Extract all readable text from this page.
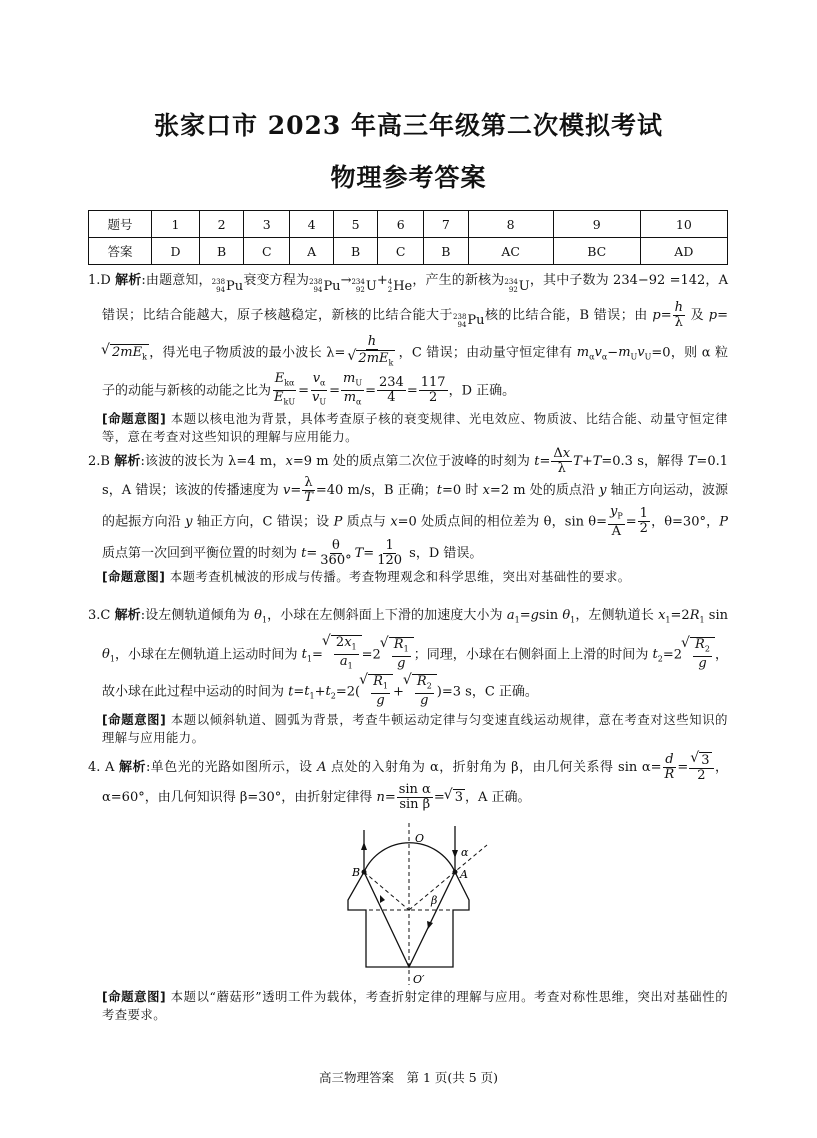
张家口市 2023 年高三年级第二次模拟考试
物理参考答案
题号	1	2	3	4	5	6	7	8	9	10
答案	D	B	C	A	B	C	B	AC	BC	AD
1.D 解析:由题意知， 238
94 Pu 衰变方程为 238
94 Pu → 234
92 U + 4
2 He ，产生的新核为 234
92 U ，其中子数为 234−92 =142，A 错误；比结合能越大，原子核越稳定，新核的比结合能大于 238
94 Pu 核的比结合能，B 错误；由 $p= \frac{h}{\lambda}$ 及 p=√ $2mE_k$ ，得光电子物质波的最小波长 λ= h
√ $2mE_k$ ，C 错误；由动量守恒定律有 $m_\alpha v_\alpha-m_Uv_U=0$，则 α 粒子的动能与新核的动能之比为 $\frac{E_{k\alpha}}{E_{kU}} = \frac{v_\alpha}{v_U} = \frac{m_U}{m_\alpha} = \frac{234}{4} = \frac{117}{2}$ ，D 正确。
[命题意图] 本题以核电池为背景，具体考查原子核的衰变规律、光电效应、物质波、比结合能、动量守恒定律等，意在考查对这些知识的理解与应用能力。
2.B 解析:该波的波长为 λ=4 m，x=9 m 处的质点第二次位于波峰的时刻为 $t= \frac{\Delta x}{\lambda} T+T=0.3$ s，解得 T=0.1 s，A 错误；该波的传播速度为 $v= \frac{\lambda}{T} =40$ m/s，B 正确；t=0 时 x=2 m 处的质点沿 y 轴正方向运动，波源的起振方向沿 y 轴正方向，C 错误；设 P 质点与 x=0 处质点间的相位差为 θ，$\sin \theta= \frac{y_P}{A} = \frac{1}{2}$ ，θ=30°，P 质点第一次回到平衡位置的时刻为 $t= \frac{\theta}{360^\circ} T= \frac{1}{120}$ s，D 错误。
[命题意图] 本题考查机械波的形成与传播。考查物理观念和科学思维，突出对基础性的要求。
3.C 解析:设左侧轨道倾角为 $\theta_1$，小球在左侧斜面上下滑的加速度大小为 $a_1=gsin$ $\theta_1$，左侧轨道长 $x_1=2R_1$ $\sin \theta_1$，小球在左侧轨道上运动时间为 $t_1=$ √ $\frac{2x_1}{a_1} =2$ √ $\frac{R_1}{g}$ ；同理，小球在右侧斜面上上滑的时间为 $t_2=2$ √ $\frac{R_2}{g}$ ，故小球在此过程中运动的时间为 $t=t_1+t_2=2$( √ $\frac{R_1}{g}$ + √ $\frac{R_2}{g} )=3$ s，C 正确。
[命题意图] 本题以倾斜轨道、圆弧为背景，考查牛顿运动定律与匀变速直线运动规律，意在考查对这些知识的理解与应用能力。
4. A 解析:单色光的光路如图所示，设 A 点处的入射角为 α，折射角为 β，由几何关系得 $\sin \alpha= \frac{d}{R}$ = √ $\frac{3}{2}$ ，α=60°，由几何知识得 β=30°，由折射定律得 $n= \frac{\text{sin α}}{\text{sin β}}$ = √ 3 ，A 正确。
O
O′
A
B
α
β
[命题意图] 本题以“蘑菇形”透明工件为载体，考查折射定律的理解与应用。考查对称性思维，突出对基础性的考查要求。
高三物理答案　第 1 页(共 5 页)
